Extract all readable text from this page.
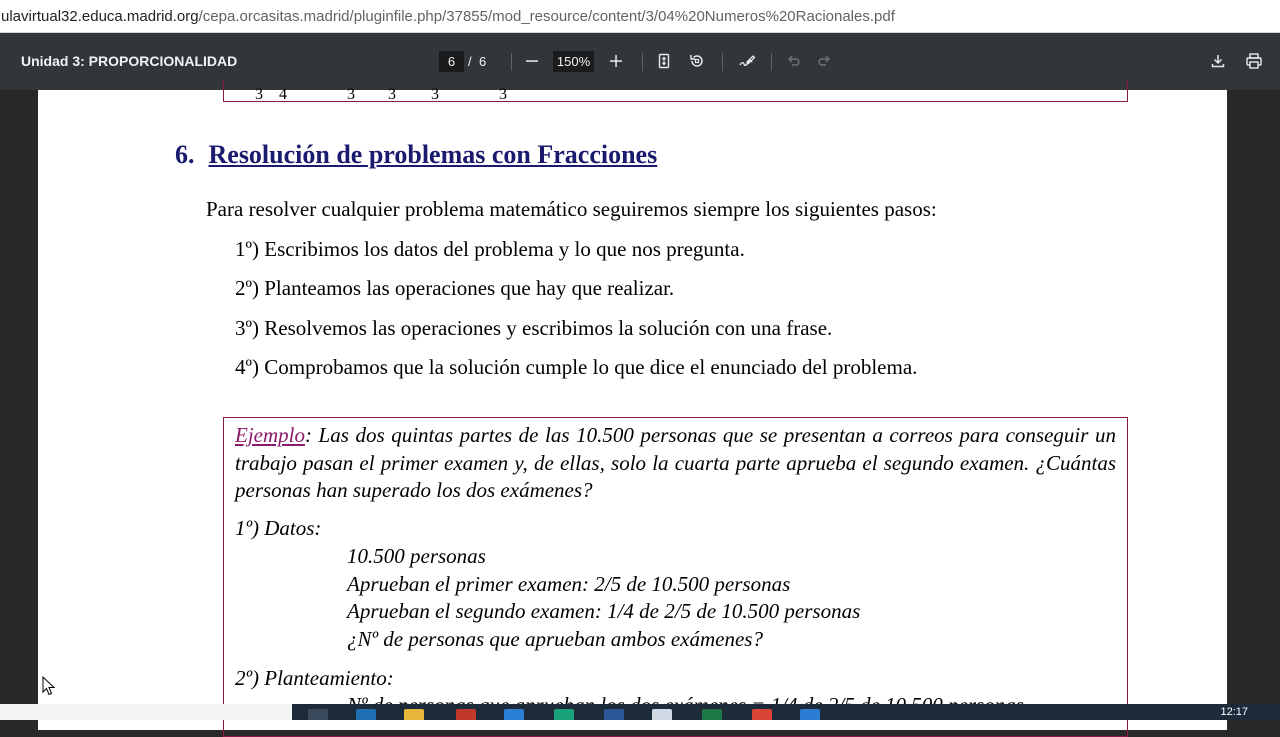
ulavirtual32.educa.madrid.org /cepa.orcasitas.madrid/pluginfile.php/37855/mod_resource/content/3/04%20Numeros%20Racionales.pdf
Unidad 3: PROPORCIONALIDAD	6 / 6	150%
3 4	3 3 3	3
6. Resolución de problemas con Fracciones
Para resolver cualquier problema matemático seguiremos siempre los siguientes pasos:
1º) Escribimos los datos del problema y lo que nos pregunta.
2º) Planteamos las operaciones que hay que realizar.
3º) Resolvemos las operaciones y escribimos la solución con una frase.
4º) Comprobamos que la solución cumple lo que dice el enunciado del problema.
Ejemplo: Las dos quintas partes de las 10.500 personas que se presentan a correos para conseguir un trabajo pasan el primer examen y, de ellas, solo la cuarta parte aprueba el segundo examen. ¿Cuántas personas han superado los dos exámenes?
1º) Datos:
10.500 personas
Aprueban el primer examen: 2/5 de 10.500 personas
Aprueban el segundo examen: 1/4 de 2/5 de 10.500 personas
¿Nº de personas que aprueban ambos exámenes?
2º) Planteamiento:
12:17
